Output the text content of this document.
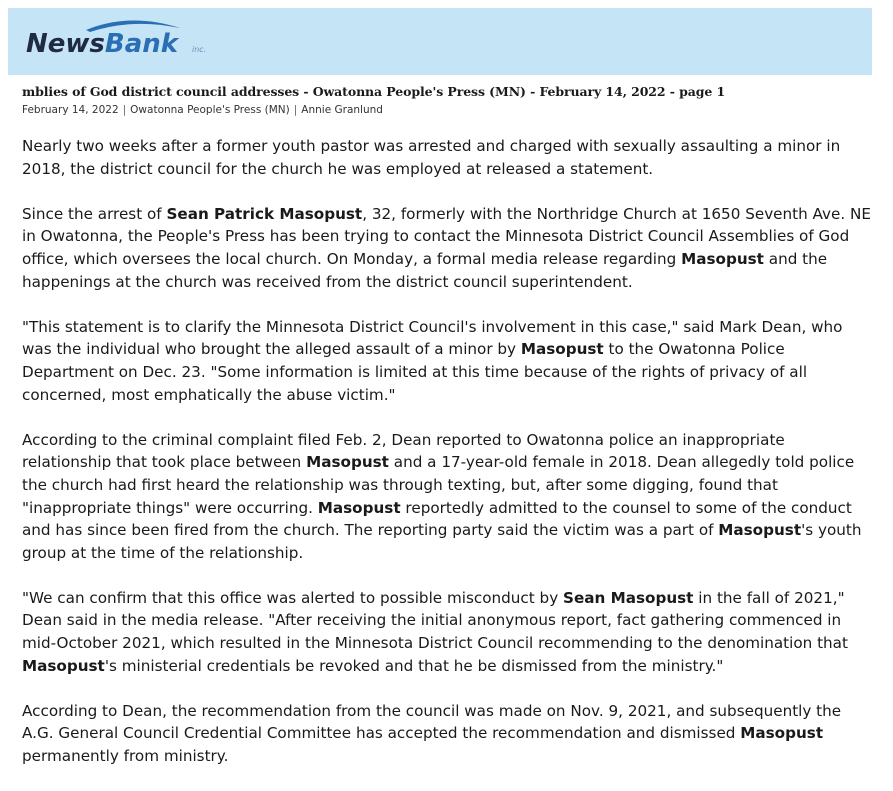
NewsBank inc.
mblies of God district council addresses - Owatonna People's Press (MN) - February 14, 2022 - page 1
February 14, 2022 | Owatonna People's Press (MN) | Annie Granlund

Nearly two weeks after a former youth pastor was arrested and charged with sexually assaulting a minor in 2018, the district council for the church he was employed at released a statement.

Since the arrest of Sean Patrick Masopust, 32, formerly with the Northridge Church at 1650 Seventh Ave. NE in Owatonna, the People's Press has been trying to contact the Minnesota District Council Assemblies of God office, which oversees the local church. On Monday, a formal media release regarding Masopust and the happenings at the church was received from the district council superintendent.

"This statement is to clarify the Minnesota District Council's involvement in this case," said Mark Dean, who was the individual who brought the alleged assault of a minor by Masopust to the Owatonna Police Department on Dec. 23. "Some information is limited at this time because of the rights of privacy of all concerned, most emphatically the abuse victim."

According to the criminal complaint filed Feb. 2, Dean reported to Owatonna police an inappropriate relationship that took place between Masopust and a 17-year-old female in 2018. Dean allegedly told police the church had first heard the relationship was through texting, but, after some digging, found that "inappropriate things" were occurring. Masopust reportedly admitted to the counsel to some of the conduct and has since been fired from the church. The reporting party said the victim was a part of Masopust's youth group at the time of the relationship.

"We can confirm that this office was alerted to possible misconduct by Sean Masopust in the fall of 2021," Dean said in the media release. "After receiving the initial anonymous report, fact gathering commenced in mid-October 2021, which resulted in the Minnesota District Council recommending to the denomination that Masopust's ministerial credentials be revoked and that he be dismissed from the ministry."

According to Dean, the recommendation from the council was made on Nov. 9, 2021, and subsequently the A.G. General Council Credential Committee has accepted the recommendation and dismissed Masopust permanently from ministry.
